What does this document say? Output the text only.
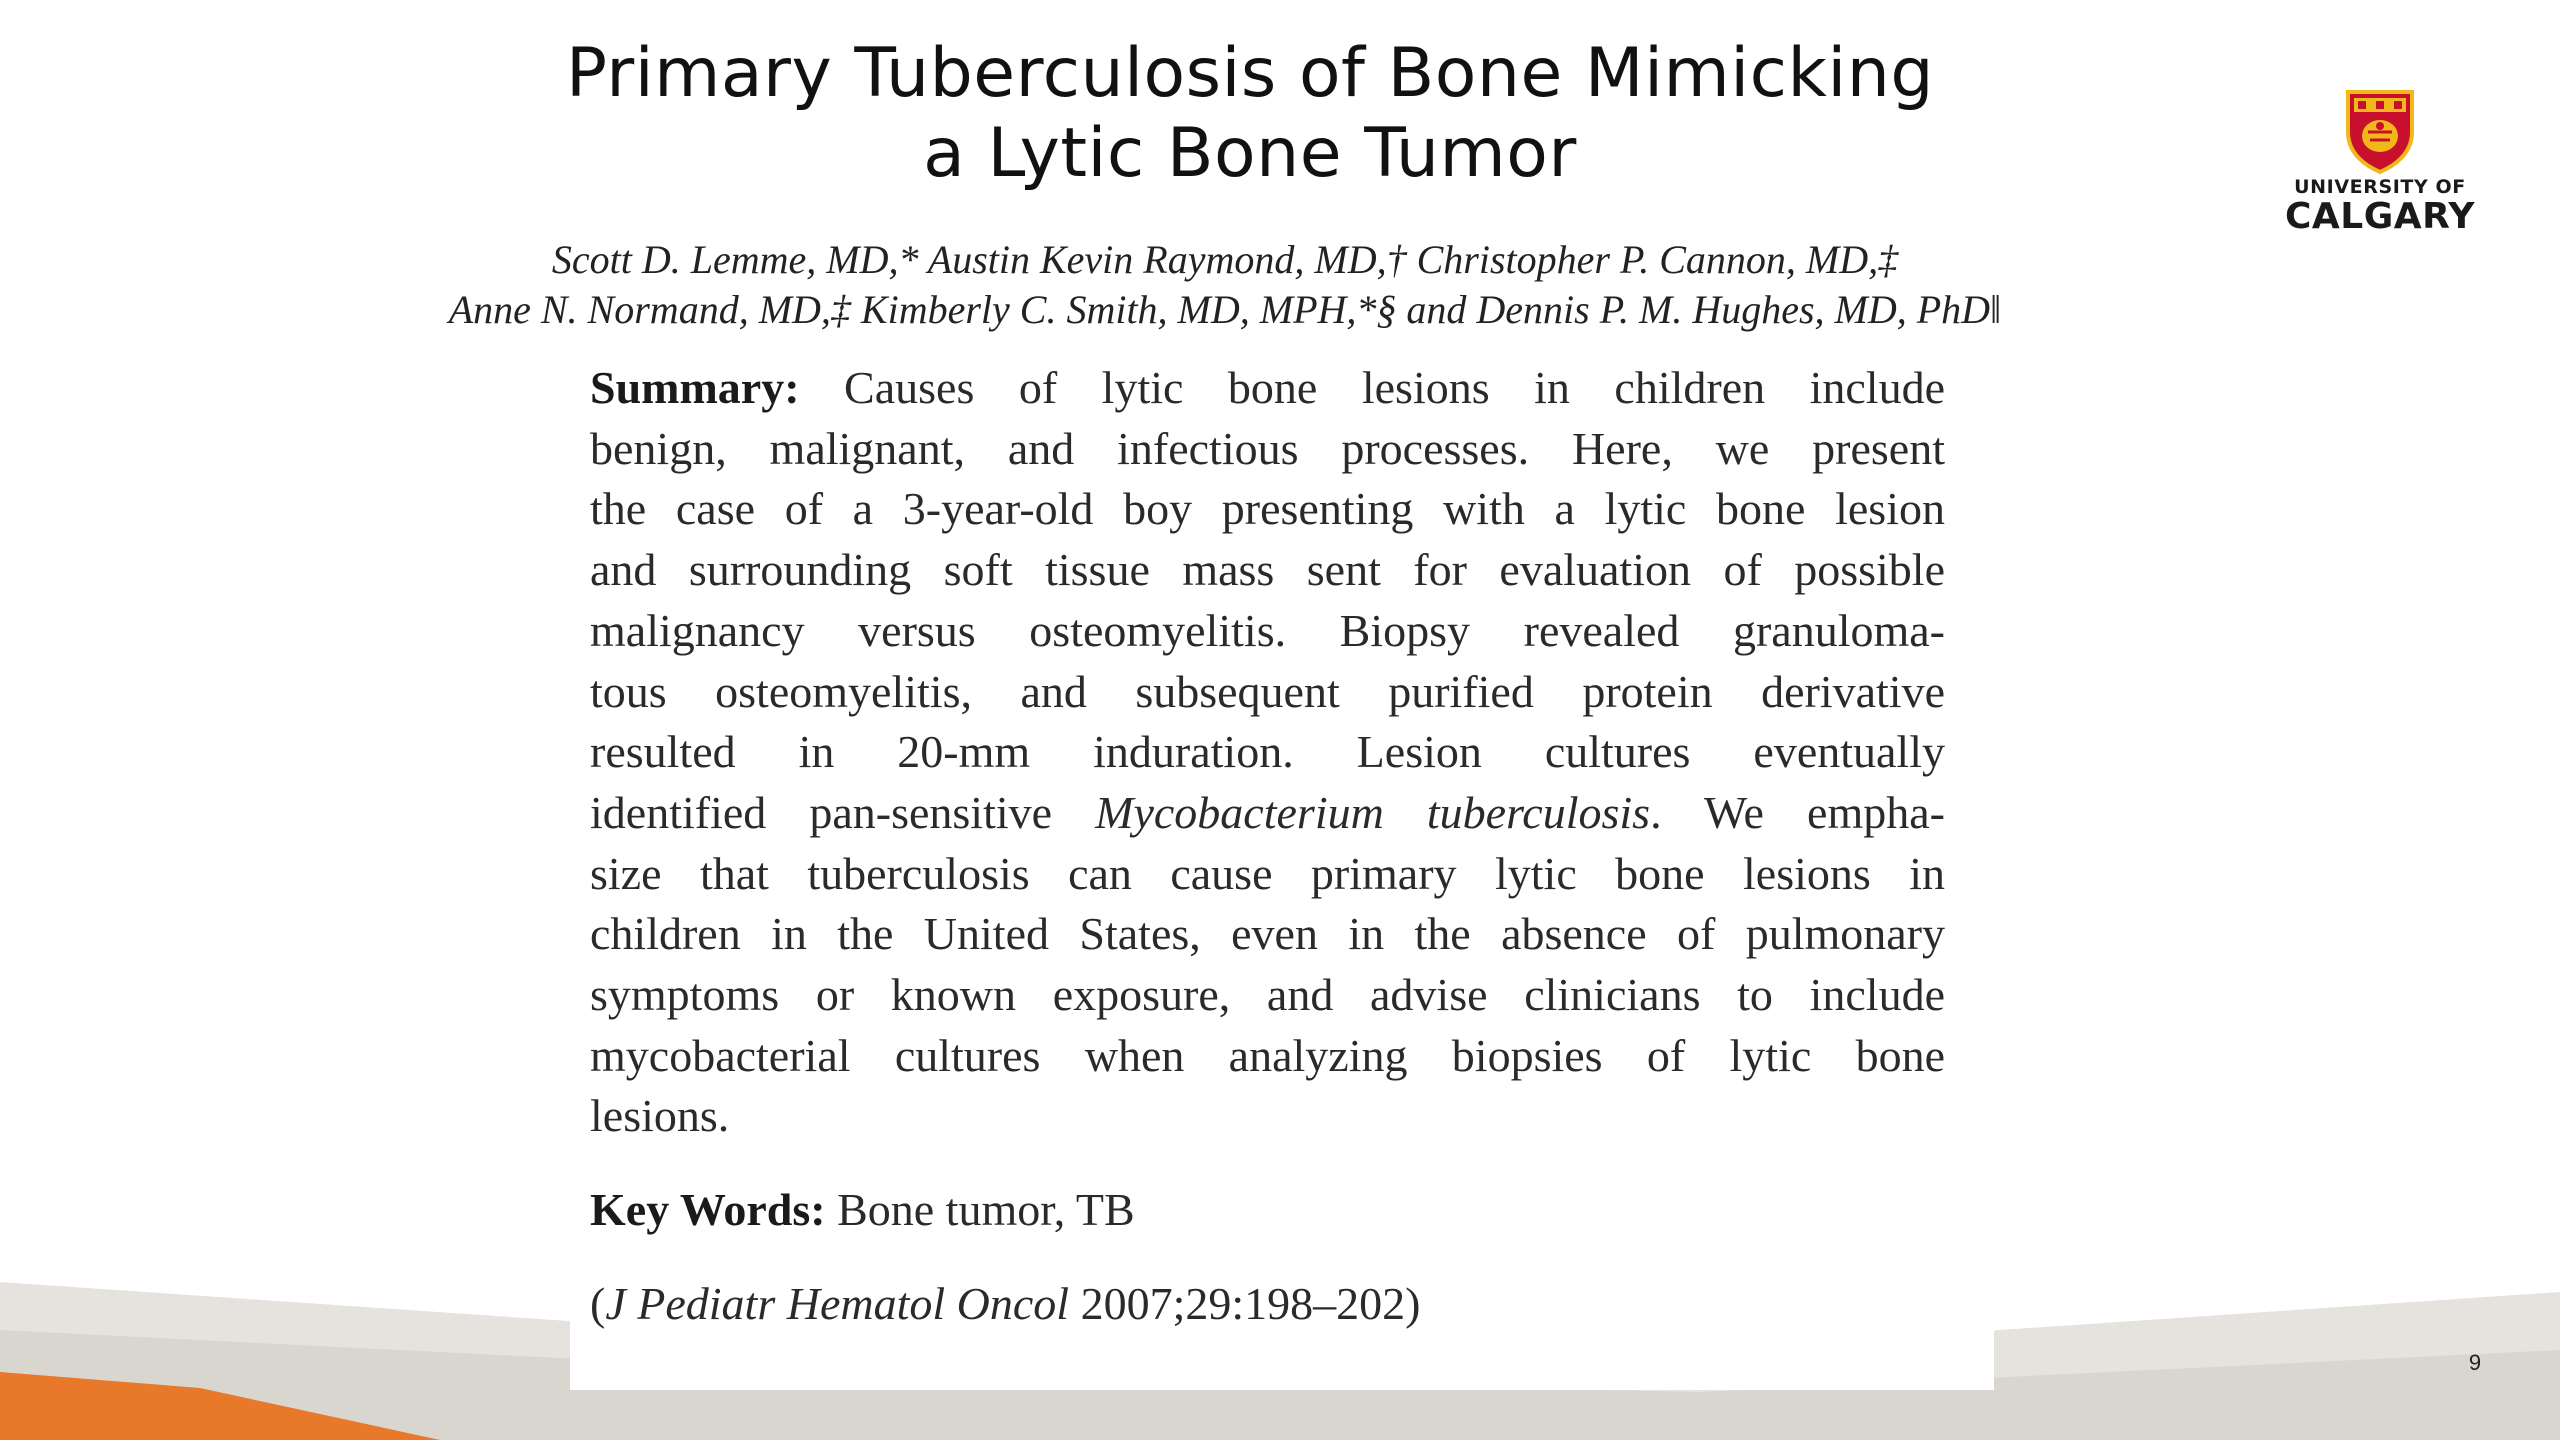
Primary Tuberculosis of Bone Mimicking
a Lytic Bone Tumor
Scott D. Lemme, MD,* Austin Kevin Raymond, MD,† Christopher P. Cannon, MD,‡
Anne N. Normand, MD,‡ Kimberly C. Smith, MD, MPH,*§ and Dennis P. M. Hughes, MD, PhD‖
Summary: Causes of lytic bone lesions in children include
benign, malignant, and infectious processes. Here, we present
the case of a 3-year-old boy presenting with a lytic bone lesion
and surrounding soft tissue mass sent for evaluation of possible
malignancy versus osteomyelitis. Biopsy revealed granuloma-
tous osteomyelitis, and subsequent purified protein derivative
resulted in 20-mm induration. Lesion cultures eventually
identified pan-sensitive Mycobacterium tuberculosis. We empha-
size that tuberculosis can cause primary lytic bone lesions in
children in the United States, even in the absence of pulmonary
symptoms or known exposure, and advise clinicians to include
mycobacterial cultures when analyzing biopsies of lytic bone
lesions.
Key Words: Bone tumor, TB
(J Pediatr Hematol Oncol 2007;29:198–202)
UNIVERSITY OF
CALGARY
9
